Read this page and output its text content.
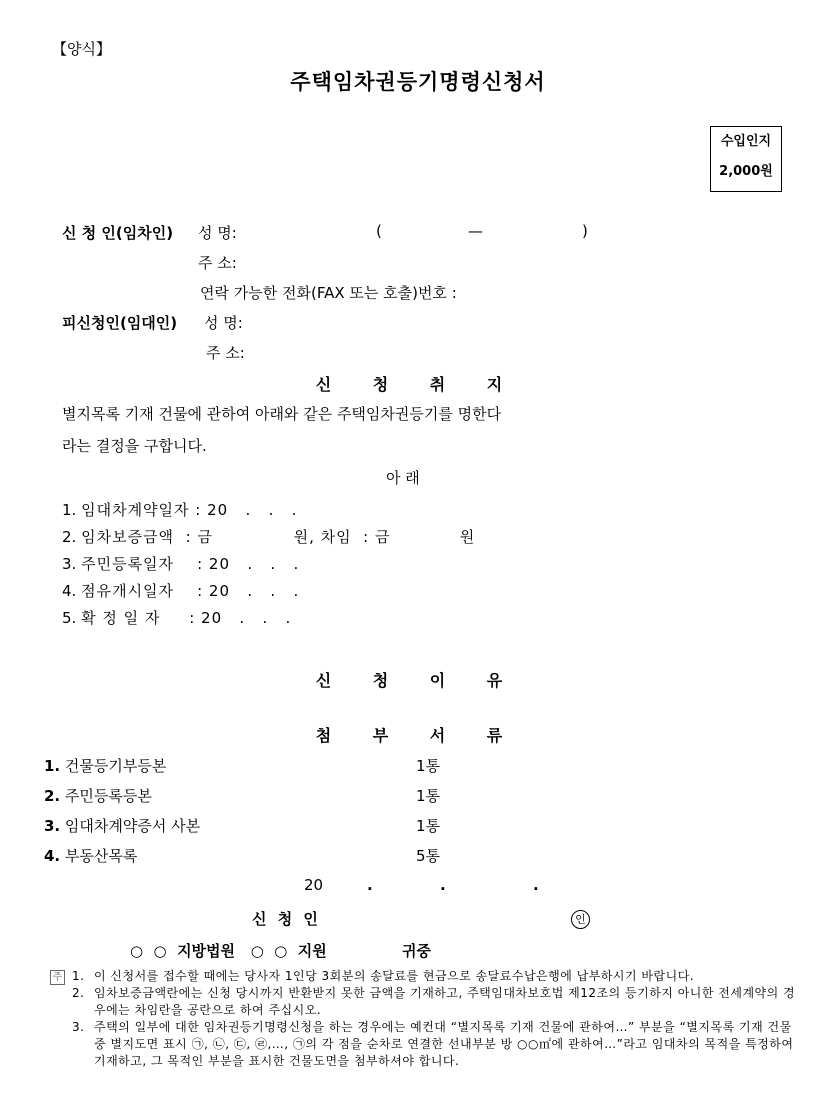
【양식】
주택임차권등기명령신청서
수입인지
2,000원
신 청 인(임차인) 성 명:	(	—	)
주 소:
연락 가능한 전화(FAX 또는 호출)번호 :
피신청인(임대인) 성 명:
주 소:
신 청 취 지
별지목록 기재 건물에 관하여 아래와 같은 주택임차권등기를 명한다
라는 결정을 구합니다.
아 래
1. 임대차계약일자 : 20   .   .   .
2. 임차보증금액  : 금              원, 차임  : 금            원
3. 주민등록일자    : 20   .   .   .
4. 점유개시일자    : 20   .   .   .
5. 확 정 일 자     : 20   .   .   .
신 청 이 유
첨 부 서 류
1. 건물등기부등본	1통
2. 주민등록등본	1통
3. 임대차계약증서 사본	1통
4. 부동산목록	5통
20	.	.	.
신 청 인	인
○  ○  지방법원   ○  ○  지원	귀중
주 1. 이 신청서를 접수할 때에는 당사자 1인당 3회분의 송달료를 현금으로 송달료수납은행에 납부하시기 바랍니다.
2. 임차보증금액란에는 신청 당시까지 반환받지 못한 금액을 기재하고, 주택임대차보호법 제12조의 등기하지 아니한 전세계약의 경우에는 차임란을 공란으로 하여 주십시오.
3. 주택의 일부에 대한 임차권등기명령신청을 하는 경우에는 예컨대 “별지목록 기재 건물에 관하여…” 부분을 “별지목록 기재 건물 중 별지도면 표시 ㉠, ㉡, ㉢, ㉣,…, ㉠의 각 점을 순차로 연결한 선내부분 방 ○○㎡에 관하여…”라고 임대차의 목적을 특정하여 기재하고, 그 목적인 부분을 표시한 건물도면을 첨부하셔야 합니다.
